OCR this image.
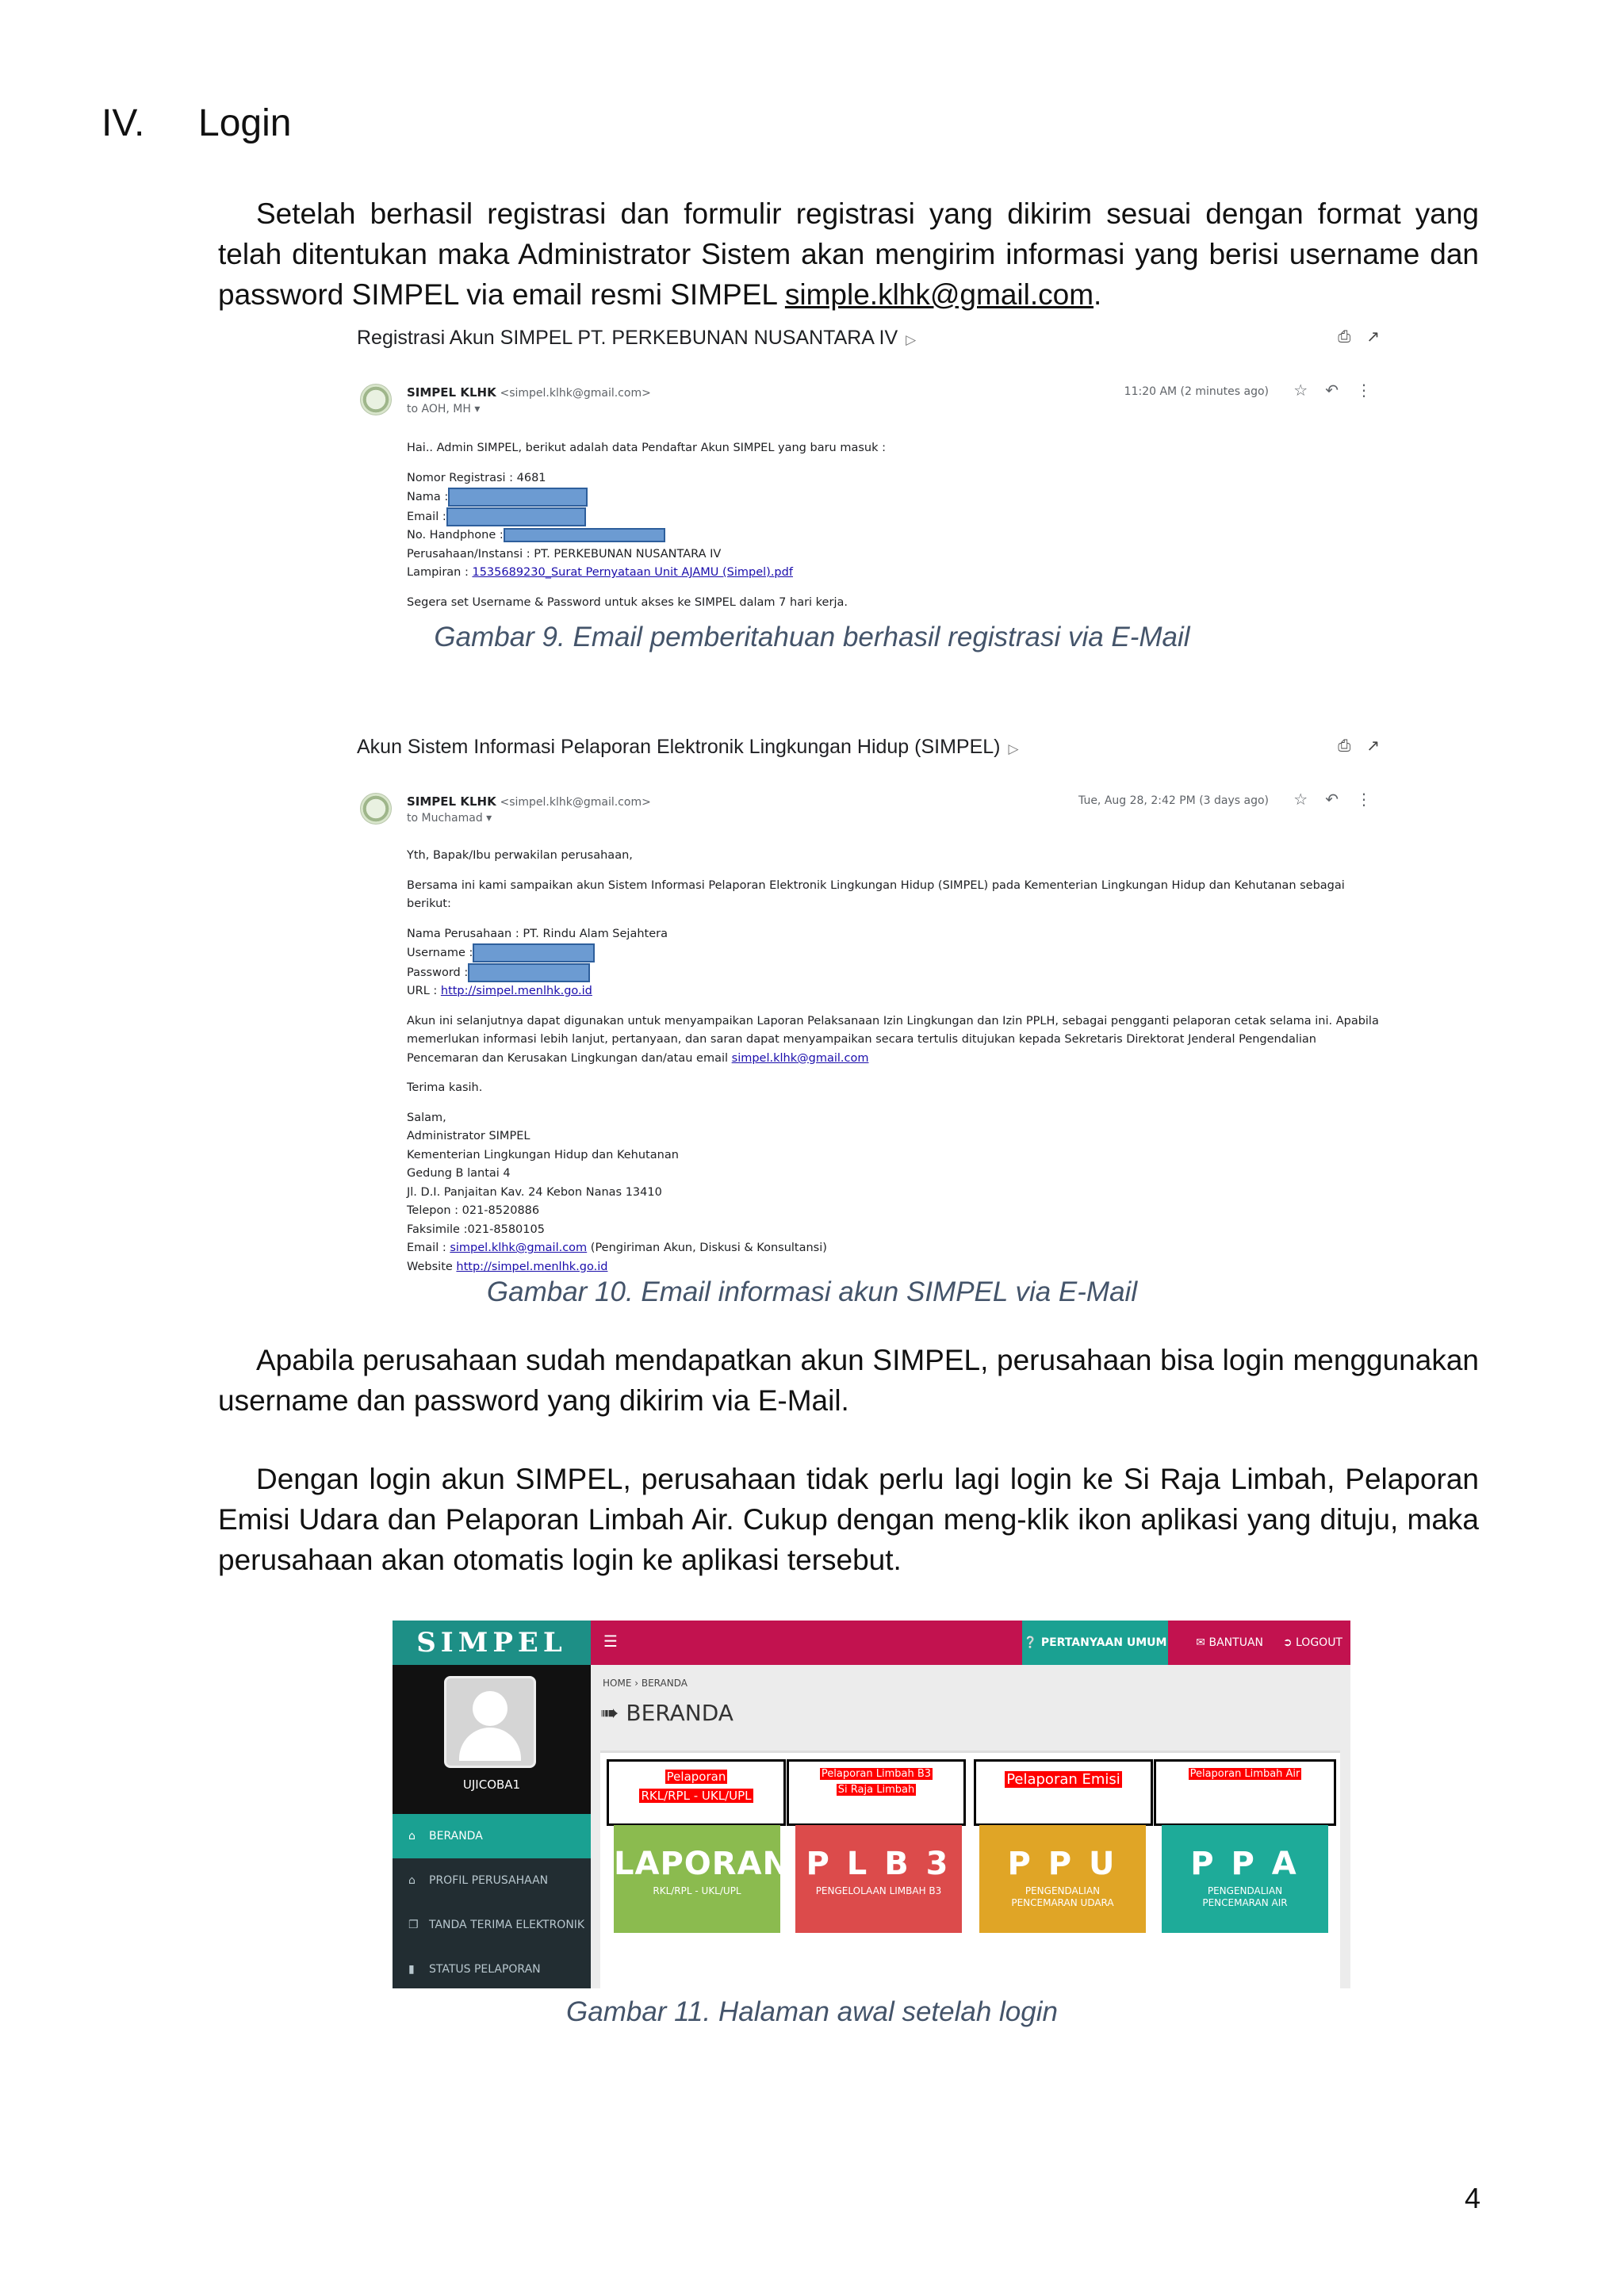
IV. Login

Setelah berhasil registrasi dan formulir registrasi yang dikirim sesuai dengan format yang telah ditentukan maka Administrator Sistem akan mengirim informasi yang berisi username dan password SIMPEL via email resmi SIMPEL simple.klhk@gmail.com.

Registrasi Akun SIMPEL PT. PERKEBUNAN NUSANTARA IV ▷	⎙ ↗
SIMPEL KLHK <simpel.klhk@gmail.com>
to AOH, MH ▾
11:20 AM (2 minutes ago)	☆ ↶ ⋮

Hai.. Admin SIMPEL, berikut adalah data Pendaftar Akun SIMPEL yang baru masuk :

Nomor Registrasi : 4681

Nama :

Email :

No. Handphone :

Perusahaan/Instansi : PT. PERKEBUNAN NUSANTARA IV

Lampiran : 1535689230_Surat Pernyataan Unit AJAMU (Simpel).pdf

Segera set Username & Password untuk akses ke SIMPEL dalam 7 hari kerja.

Gambar 9. Email pemberitahuan berhasil registrasi via E-Mail

Akun Sistem Informasi Pelaporan Elektronik Lingkungan Hidup (SIMPEL) ▷	⎙ ↗
SIMPEL KLHK <simpel.klhk@gmail.com>
to Muchamad ▾
Tue, Aug 28, 2:42 PM (3 days ago)	☆ ↶ ⋮

Yth, Bapak/Ibu perwakilan perusahaan,

Bersama ini kami sampaikan akun Sistem Informasi Pelaporan Elektronik Lingkungan Hidup (SIMPEL) pada Kementerian Lingkungan Hidup dan Kehutanan sebagai berikut:

Nama Perusahaan : PT. Rindu Alam Sejahtera

Username :

Password :

URL : http://simpel.menlhk.go.id

Akun ini selanjutnya dapat digunakan untuk menyampaikan Laporan Pelaksanaan Izin Lingkungan dan Izin PPLH, sebagai pengganti pelaporan cetak selama ini. Apabila memerlukan informasi lebih lanjut, pertanyaan, dan saran dapat menyampaikan secara tertulis ditujukan kepada Sekretaris Direktorat Jenderal Pengendalian Pencemaran dan Kerusakan Lingkungan dan/atau email simpel.klhk@gmail.com

Terima kasih.

Salam,

Administrator SIMPEL

Kementerian Lingkungan Hidup dan Kehutanan

Gedung B lantai 4

Jl. D.I. Panjaitan Kav. 24 Kebon Nanas 13410

Telepon : 021-8520886

Faksimile :021-8580105

Email : simpel.klhk@gmail.com (Pengiriman Akun, Diskusi & Konsultansi)

Website http://simpel.menlhk.go.id

Gambar 10. Email informasi akun SIMPEL via E-Mail

Apabila perusahaan sudah mendapatkan akun SIMPEL, perusahaan bisa login menggunakan username dan password yang dikirim via E-Mail.

Dengan login akun SIMPEL, perusahaan tidak perlu lagi login ke Si Raja Limbah, Pelaporan Emisi Udara dan Pelaporan Limbah Air. Cukup dengan meng-klik ikon aplikasi yang dituju, maka perusahaan akan otomatis login ke aplikasi tersebut.

SIMPEL	☰	❔ PERTANYAAN UMUM	✉ BANTUAN ➲ LOGOUT
UJICOBA1
⌂ BERANDA
⌂ PROFIL PERUSAHAAN
❐ TANDA TERIMA ELEKTRONIK
▮ STATUS PELAPORAN
HOME › BERANDA
➠ BERANDA
Pelaporan
RKL/RPL - UKL/UPL
Pelaporan Limbah B3
Si Raja Limbah
Pelaporan Emisi	Pelaporan Limbah Air
LAPORAN
RKL/RPL - UKL/UPL
P L B 3
PENGELOLAAN LIMBAH B3
P P U
PENGENDALIAN
PENCEMARAN UDARA
P P A
PENGENDALIAN
PENCEMARAN AIR

Gambar 11. Halaman awal setelah login

4
